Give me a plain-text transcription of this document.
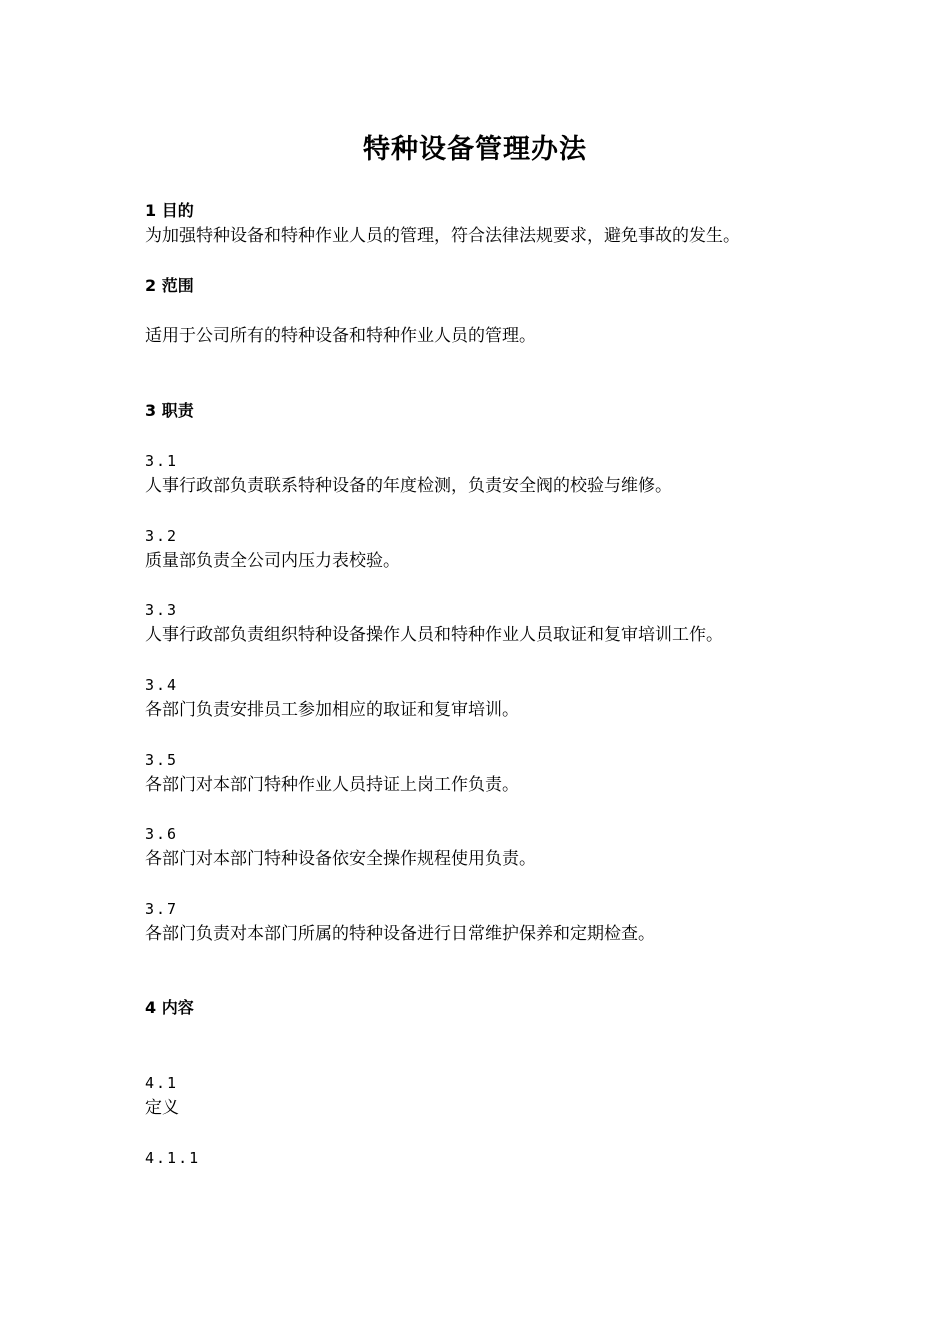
特种设备管理办法
1 目的
为加强特种设备和特种作业人员的管理，符合法律法规要求，避免事故的发生。
2 范围
适用于公司所有的特种设备和特种作业人员的管理。
3 职责
3.1
人事行政部负责联系特种设备的年度检测，负责安全阀的校验与维修。
3.2
质量部负责全公司内压力表校验。
3.3
人事行政部负责组织特种设备操作人员和特种作业人员取证和复审培训工作。
3.4
各部门负责安排员工参加相应的取证和复审培训。
3.5
各部门对本部门特种作业人员持证上岗工作负责。
3.6
各部门对本部门特种设备依安全操作规程使用负责。
3.7
各部门负责对本部门所属的特种设备进行日常维护保养和定期检查。
4 内容
4.1
定义
4.1.1
